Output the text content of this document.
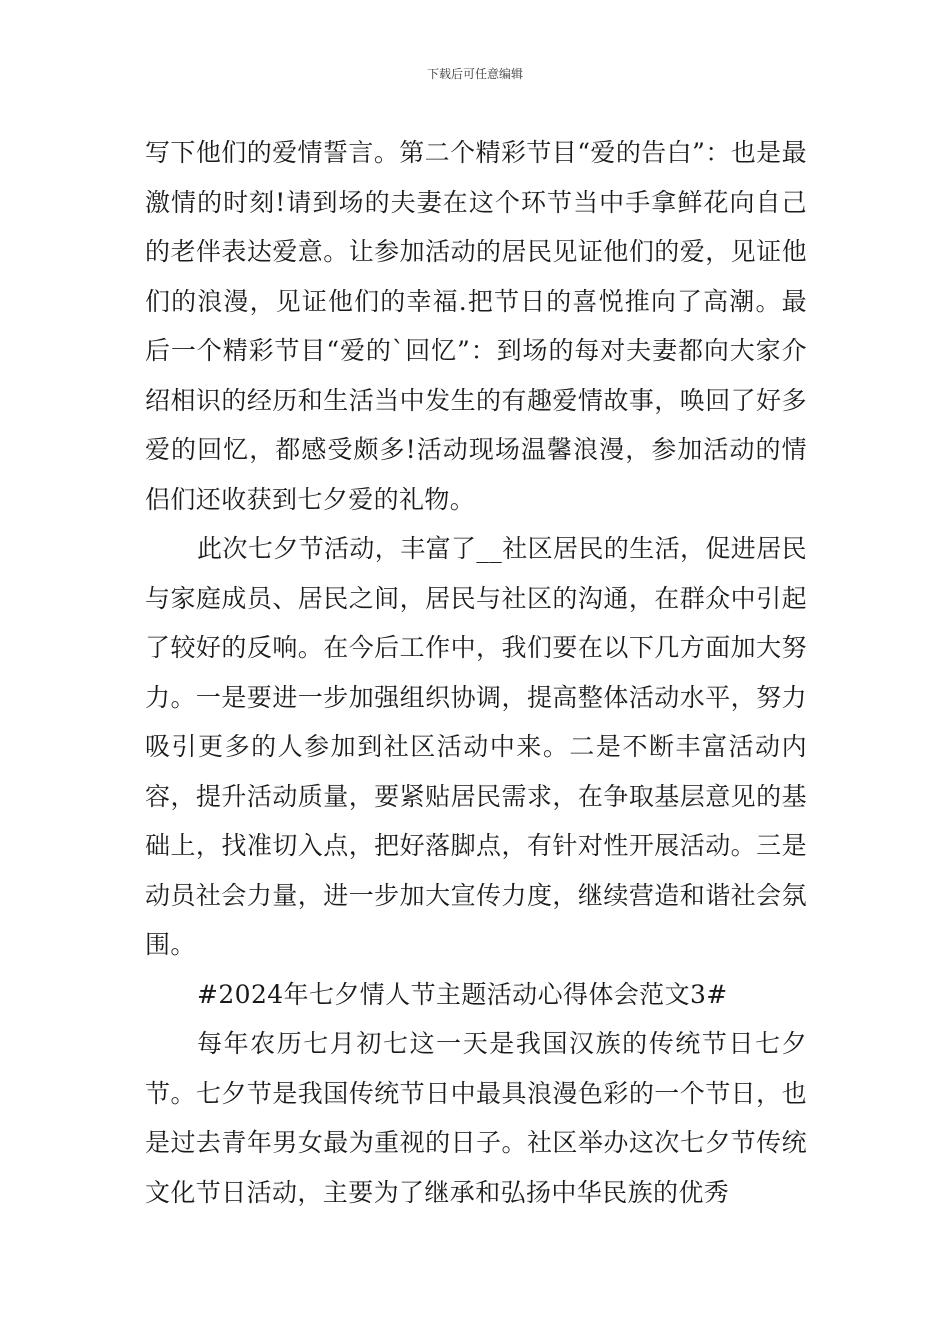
下载后可任意编辑

写下他们的爱情誓言。第二个精彩节目“爱的告白”：也是最激情的时刻!请到场的夫妻在这个环节当中手拿鲜花向自己的老伴表达爱意。让参加活动的居民见证他们的爱，见证他们的浪漫，见证他们的幸福.把节日的喜悦推向了高潮。最后一个精彩节目“爱的`回忆”：到场的每对夫妻都向大家介绍相识的经历和生活当中发生的有趣爱情故事，唤回了好多爱的回忆，都感受颇多!活动现场温馨浪漫，参加活动的情侣们还收获到七夕爱的礼物。

此次七夕节活动，丰富了__社区居民的生活，促进居民与家庭成员、居民之间，居民与社区的沟通，在群众中引起了较好的反响。在今后工作中，我们要在以下几方面加大努力。一是要进一步加强组织协调，提高整体活动水平，努力吸引更多的人参加到社区活动中来。二是不断丰富活动内容，提升活动质量，要紧贴居民需求，在争取基层意见的基础上，找准切入点，把好落脚点，有针对性开展活动。三是动员社会力量，进一步加大宣传力度，继续营造和谐社会氛围。

#2024年七夕情人节主题活动心得体会范文3#

每年农历七月初七这一天是我国汉族的传统节日七夕节。七夕节是我国传统节日中最具浪漫色彩的一个节日，也是过去青年男女最为重视的日子。社区举办这次七夕节传统文化节日活动，主要为了继承和弘扬中华民族的优秀
